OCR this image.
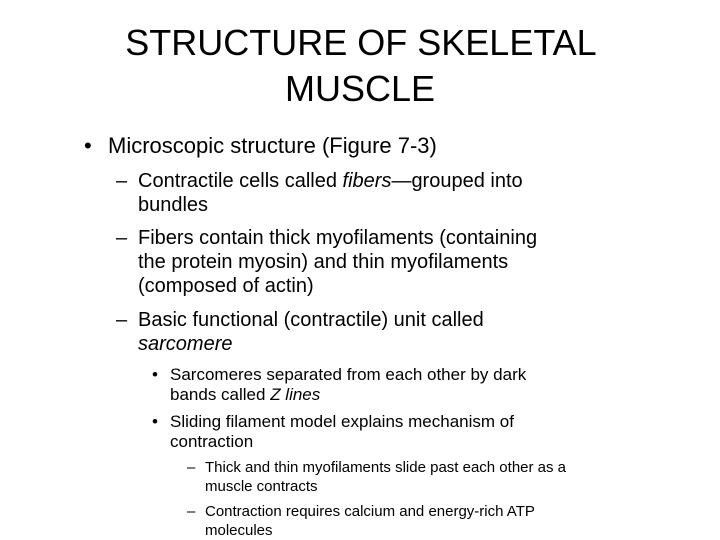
STRUCTURE OF SKELETAL
MUSCLE
• Microscopic structure (Figure 7-3)
– Contractile cells called fibers—grouped into
bundles
– Fibers contain thick myofilaments (containing
the protein myosin) and thin myofilaments
(composed of actin)
– Basic functional (contractile) unit called
sarcomere
• Sarcomeres separated from each other by dark
bands called Z lines
• Sliding filament model explains mechanism of
contraction
– Thick and thin myofilaments slide past each other as a
muscle contracts
– Contraction requires calcium and energy-rich ATP
molecules
